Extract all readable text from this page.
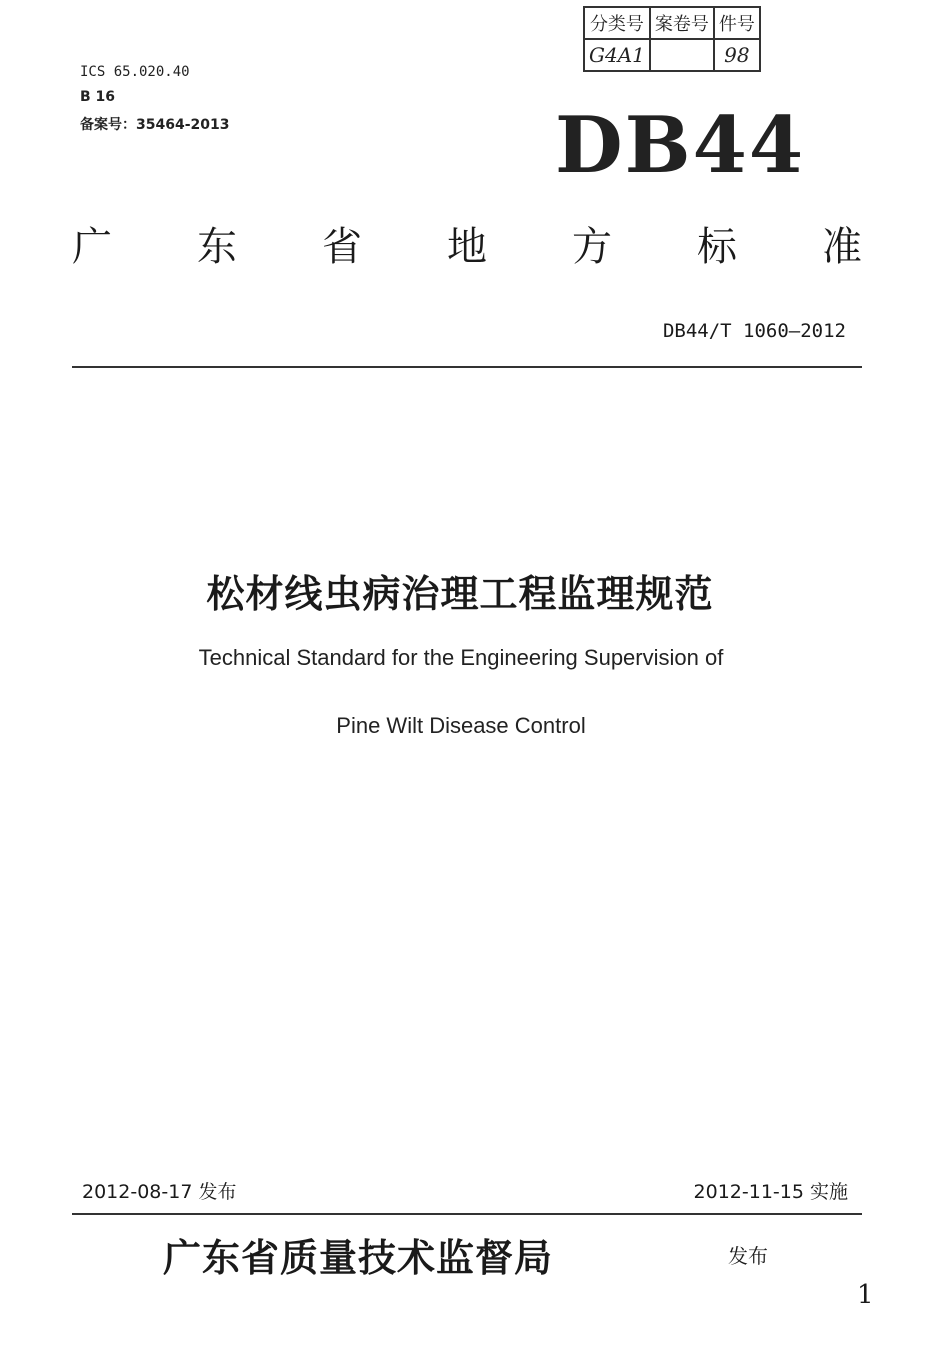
ICS 65.020.40
B 16
备案号：35464-2013
分类号	案卷号	件号
G4A1		98
DB44
广 东 省 地 方 标 准
DB44/T 1060—2012
松材线虫病治理工程监理规范
Technical Standard for the Engineering Supervision of
Pine Wilt Disease Control
2012-08-17 发布	2012-11-15 实施
广东省质量技术监督局	发布
1
